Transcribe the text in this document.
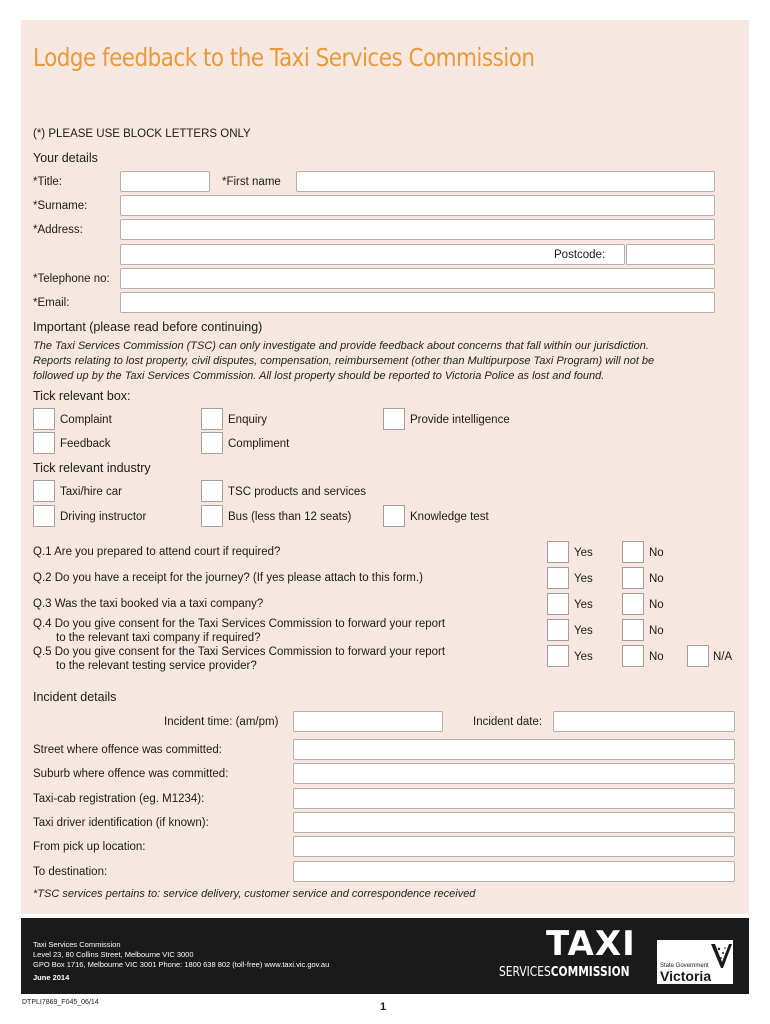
Lodge feedback to the Taxi Services Commission
(*) PLEASE USE BLOCK LETTERS ONLY
Your details
*Title:	*First name
*Surname:
*Address:
Postcode:
*Telephone no:
*Email:
Important (please read before continuing)
The Taxi Services Commission (TSC) can only investigate and provide feedback about concerns that fall within our jurisdiction.
Reports relating to lost property, civil disputes, compensation, reimbursement (other than Multipurpose Taxi Program) will not be
followed up by the Taxi Services Commission. All lost property should be reported to Victoria Police as lost and found.
Tick relevant box:
Complaint	Enquiry	Provide intelligence
Feedback	Compliment
Tick relevant industry
Taxi/hire car	TSC products and services
Driving instructor	Bus (less than 12 seats)	Knowledge test
Q.1 Are you prepared to attend court if required?	Yes	No
Q.2 Do you have a receipt for the journey? (If yes please attach to this form.)	Yes	No
Q.3 Was the taxi booked via a taxi company?	Yes	No
Q.4 Do you give consent for the Taxi Services Commission to forward your report
to the relevant taxi company if required?
Yes	No
Q.5 Do you give consent for the Taxi Services Commission to forward your report
to the relevant testing service provider?
Yes	No	N/A
Incident details
Incident time: (am/pm)	Incident date:
Street where offence was committed:
Suburb where offence was committed:
Taxi-cab registration (eg. M1234):
Taxi driver identification (if known):
From pick up location:
To destination:
*TSC services pertains to: service delivery, customer service and correspondence received
Taxi Services Commission
Level 23, 80 Collins Street, Melbourne VIC 3000
GPO Box 1716, Melbourne VIC 3001 Phone: 1800 638 802 (toll-free) www.taxi.vic.gov.au
June 2014
TAXI
SERVICESCOMMISSION	State Government
Victoria
DTPLI7869_F045_06/14	1
